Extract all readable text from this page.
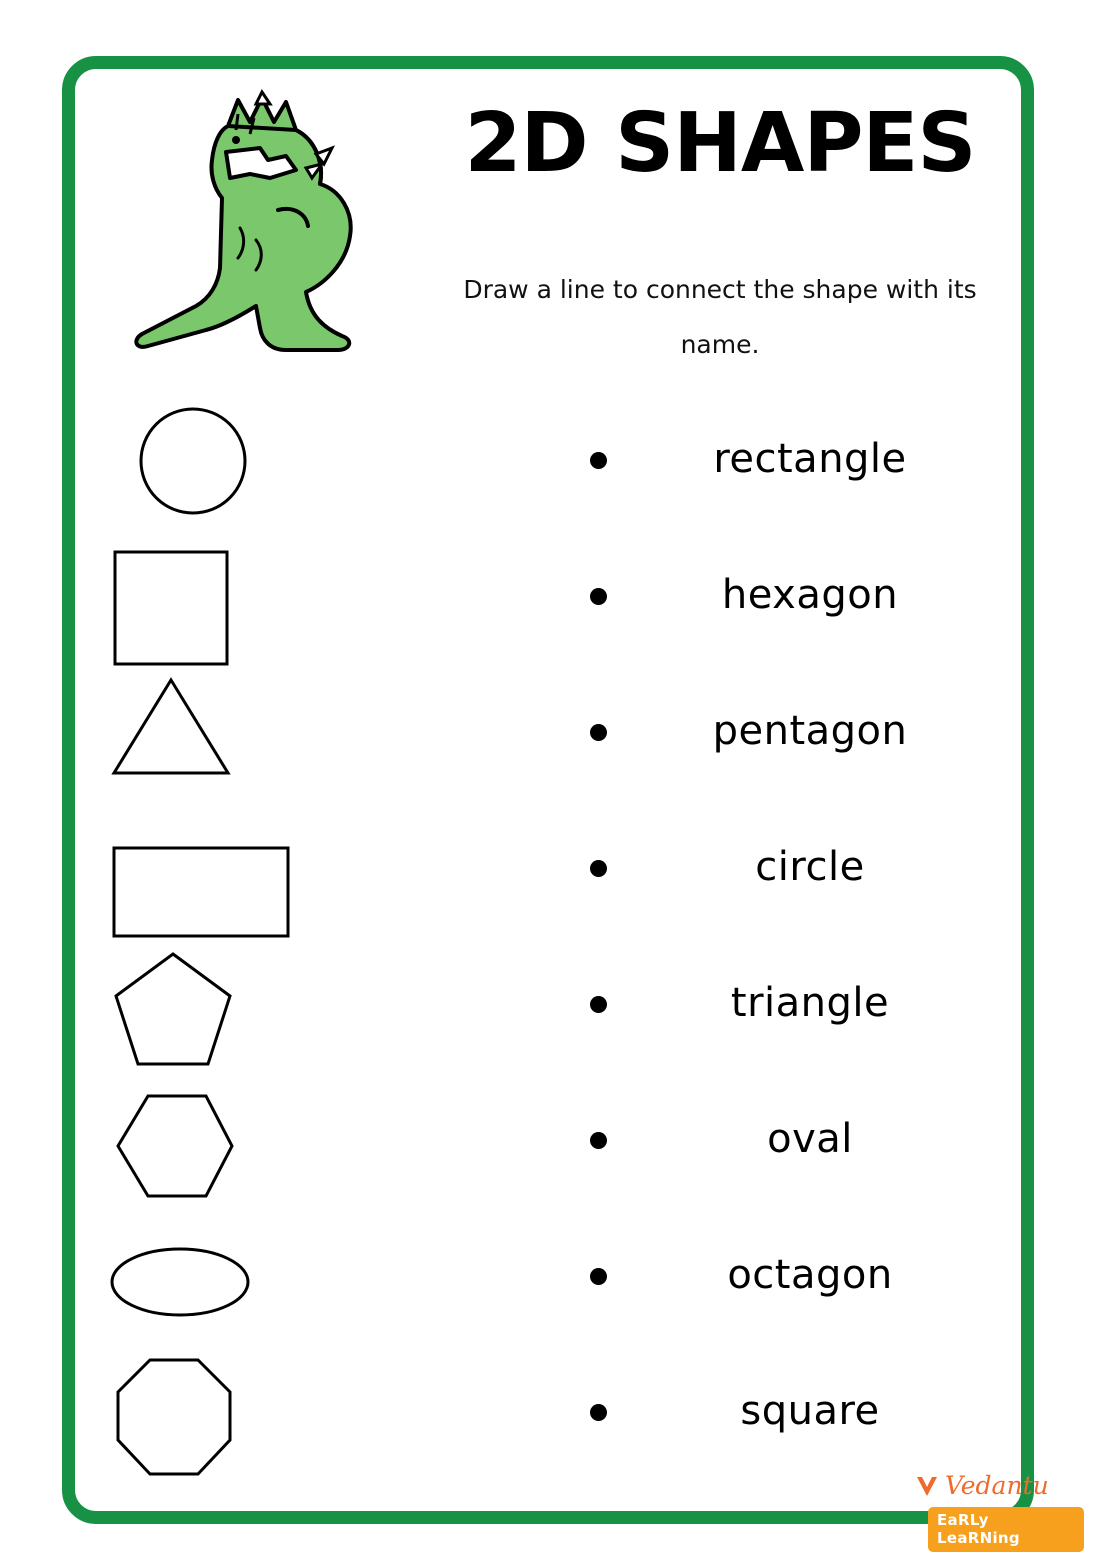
2D SHAPES
Draw a line to connect the shape with its name.
rectangle
hexagon
pentagon
circle
triangle
oval
octagon
square
Vedantu
EaRLy LeaRNing
